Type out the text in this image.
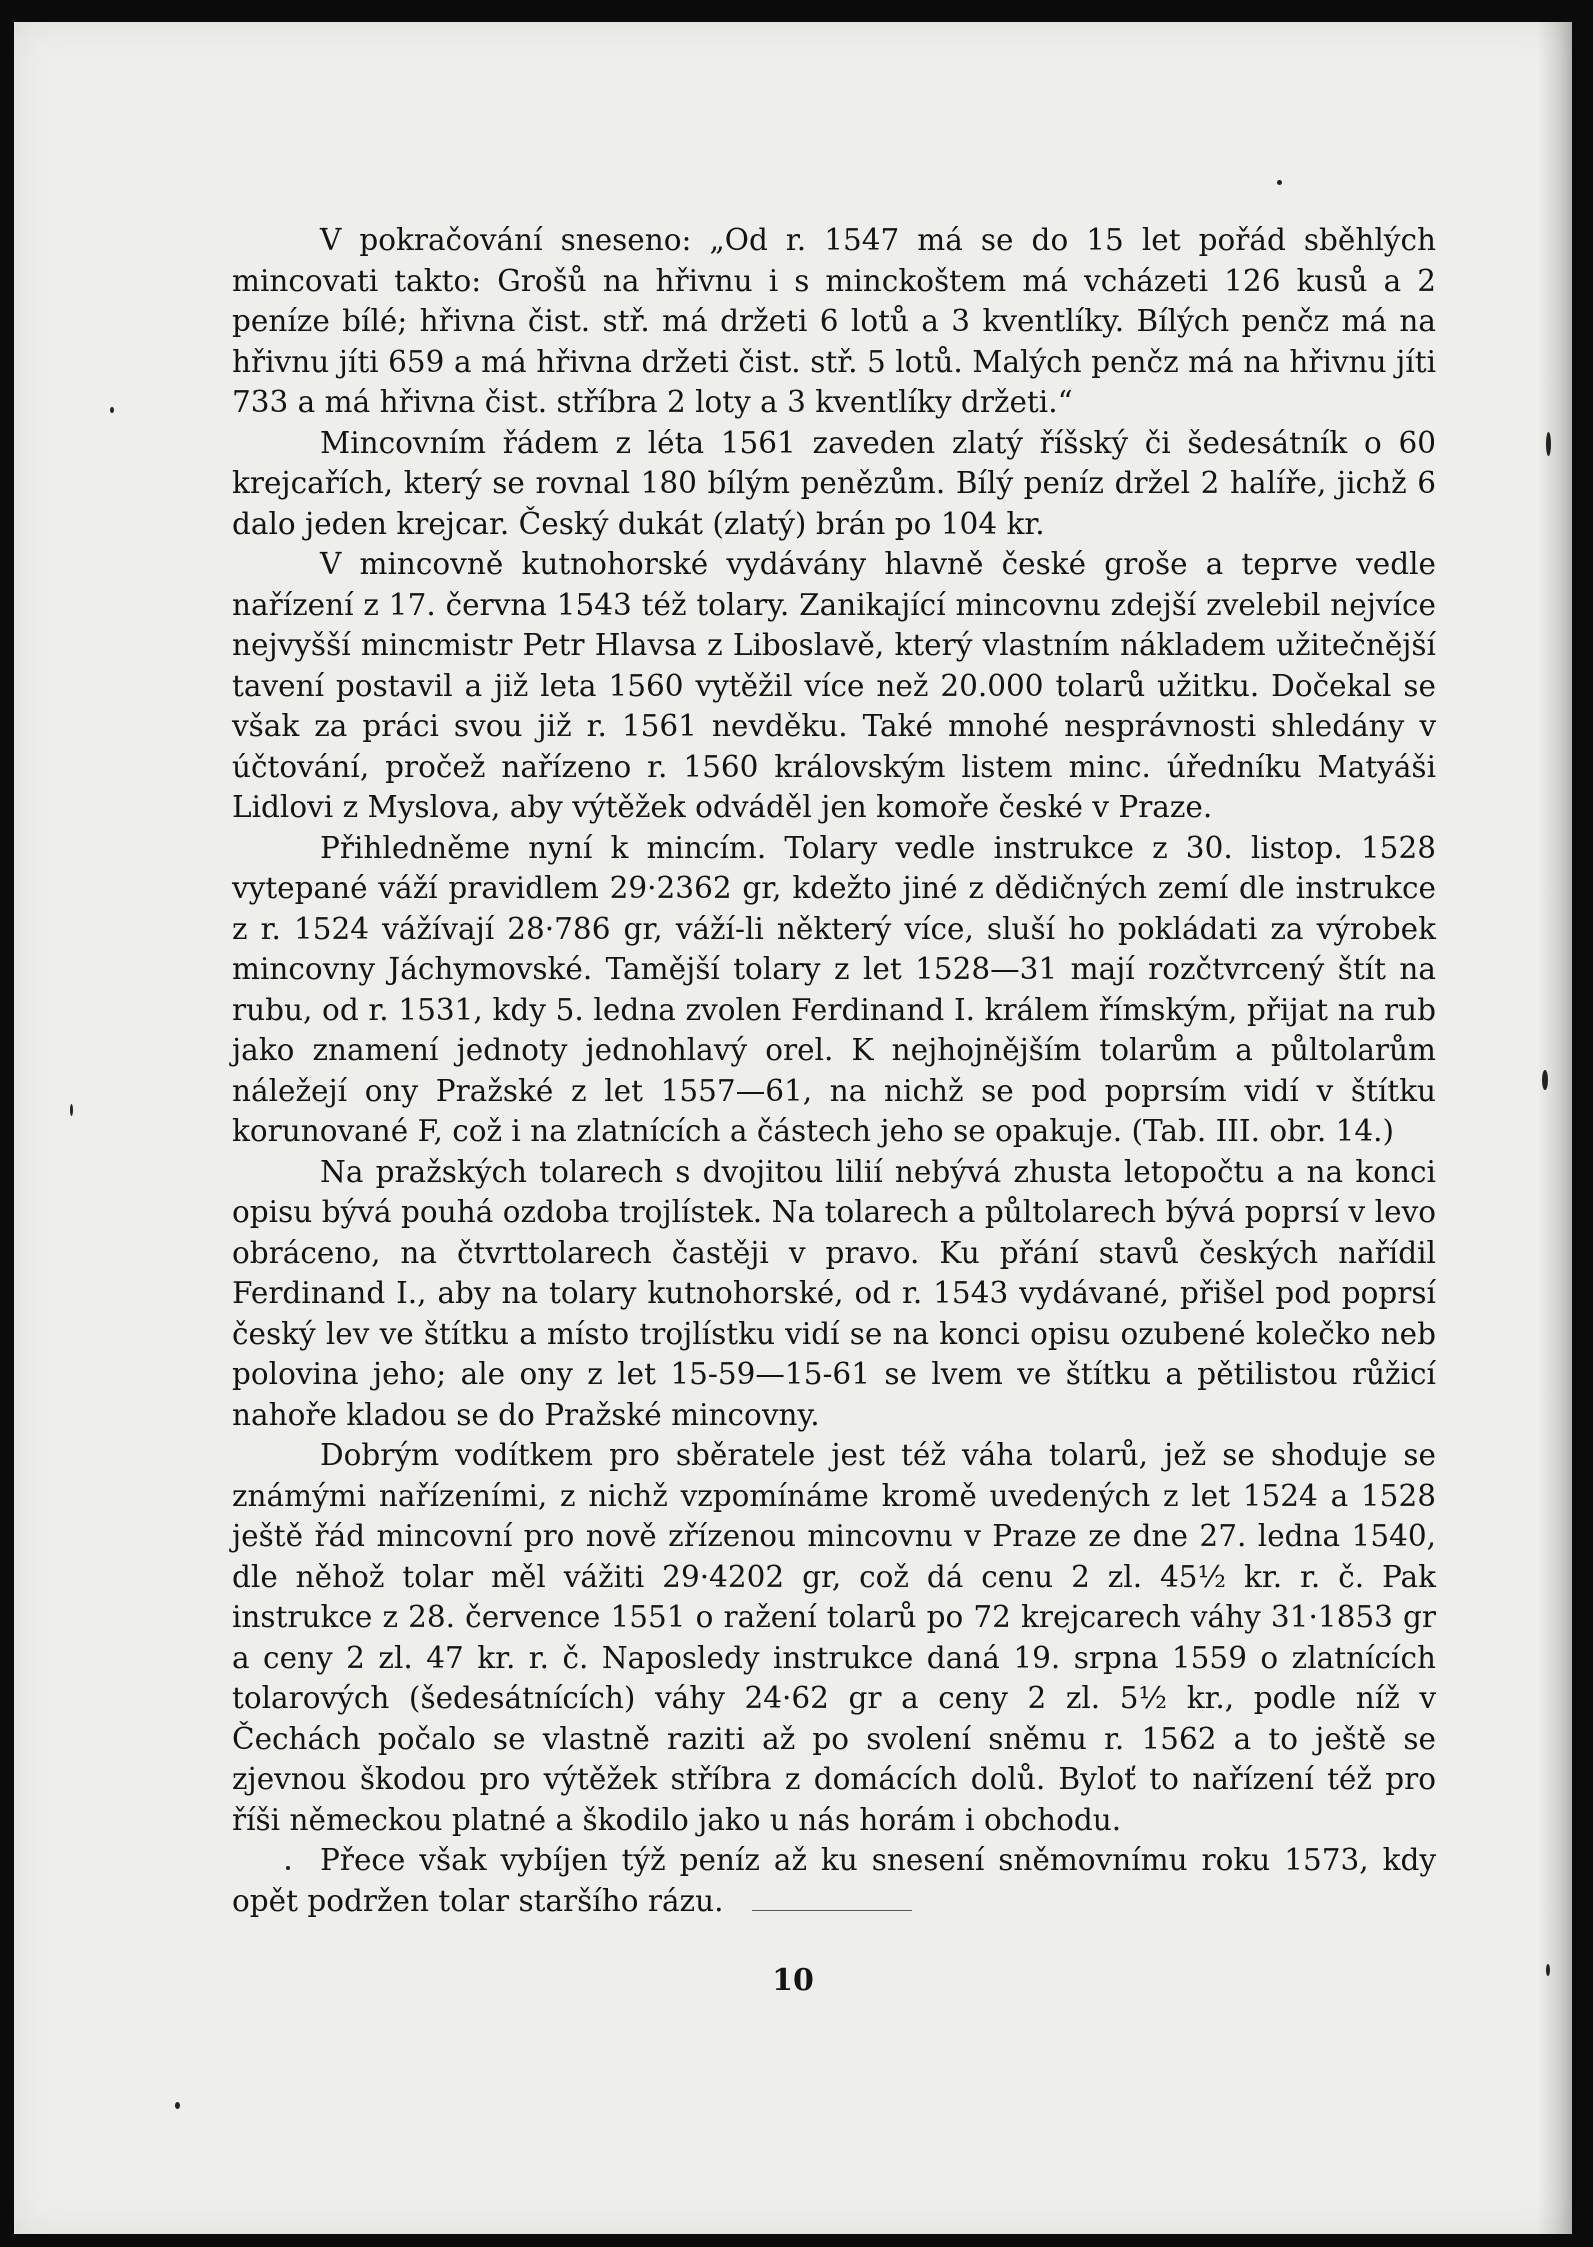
V pokračování sneseno: „Od r. 1547 má se do 15 let pořád sběhlých mincovati takto: Grošů na hřivnu i s minckoštem má vcházeti 126 kusů a 2 peníze bílé; hřivna čist. stř. má držeti 6 lotů a 3 kventlíky. Bílých penčz má na hřivnu jíti 659 a má hřivna držeti čist. stř. 5 lotů. Malých penčz má na hřivnu jíti 733 a má hřivna čist. stříbra 2 loty a 3 kventlíky držeti.“

Mincovním řádem z léta 1561 zaveden zlatý říšský či šedesátník o 60 krejcařích, který se rovnal 180 bílým penězům. Bílý peníz držel 2 halíře, jichž 6 dalo jeden krejcar. Český dukát (zlatý) brán po 104 kr.

V mincovně kutnohorské vydávány hlavně české groše a teprve vedle nařízení z 17. června 1543 též tolary. Zanikající mincovnu zdejší zvelebil nejvíce nejvyšší mincmistr Petr Hlavsa z Liboslavě, který vlastním nákladem užitečnější tavení postavil a již leta 1560 vytěžil více než 20.000 tolarů užitku. Dočekal se však za práci svou již r. 1561 nevděku. Také mnohé nesprávnosti shledány v účtování, pročež nařízeno r. 1560 královským listem minc. úředníku Matyáši Lidlovi z Myslova, aby výtěžek odváděl jen komoře české v Praze.

Přihledněme nyní k mincím. Tolary vedle instrukce z 30. listop. 1528 vytepané váží pravidlem 29·2362 gr, kdežto jiné z dědičných zemí dle instrukce z r. 1524 vážívají 28·786 gr, váží-li některý více, sluší ho pokládati za výrobek mincovny Jáchymovské. Tamější tolary z let 1528—31 mají rozčtvrcený štít na rubu, od r. 1531, kdy 5. ledna zvolen Ferdinand I. králem římským, přijat na rub jako znamení jednoty jednohlavý orel. K nejhojnějším tolarům a půltolarům náležejí ony Pražské z let 1557—61, na nichž se pod poprsím vidí v štítku korunované F, což i na zlatnících a částech jeho se opakuje. (Tab. III. obr. 14.)

Na pražských tolarech s dvojitou lilií nebývá zhusta letopočtu a na konci opisu bývá pouhá ozdoba trojlístek. Na tolarech a půltolarech bývá poprsí v levo obráceno, na čtvrttolarech častěji v pravo. Ku přání stavů českých nařídil Ferdinand I., aby na tolary kutnohorské, od r. 1543 vydávané, přišel pod poprsí český lev ve štítku a místo trojlístku vidí se na konci opisu ozubené kolečko neb polovina jeho; ale ony z let 15-59—15-61 se lvem ve štítku a pětilistou růžicí nahoře kladou se do Pražské mincovny.

Dobrým vodítkem pro sběratele jest též váha tolarů, jež se shoduje se známými nařízeními, z nichž vzpomínáme kromě uvedených z let 1524 a 1528 ještě řád mincovní pro nově zřízenou mincovnu v Praze ze dne 27. ledna 1540, dle něhož tolar měl vážiti 29·4202 gr, což dá cenu 2 zl. 45½ kr. r. č. Pak instrukce z 28. července 1551 o ražení tolarů po 72 krejcarech váhy 31·1853 gr a ceny 2 zl. 47 kr. r. č. Naposledy instrukce daná 19. srpna 1559 o zlatnících tolarových (šedesátnících) váhy 24·62 gr a ceny 2 zl. 5½ kr., podle níž v Čechách počalo se vlastně raziti až po svolení sněmu r. 1562 a to ještě se zjevnou škodou pro výtěžek stříbra z domácích dolů. Byloť to nařízení též pro říši německou platné a škodilo jako u nás horám i obchodu.

Přece však vybíjen týž peníz až ku snesení sněmovnímu roku 1573, kdy opět podržen tolar staršího rázu.

10
